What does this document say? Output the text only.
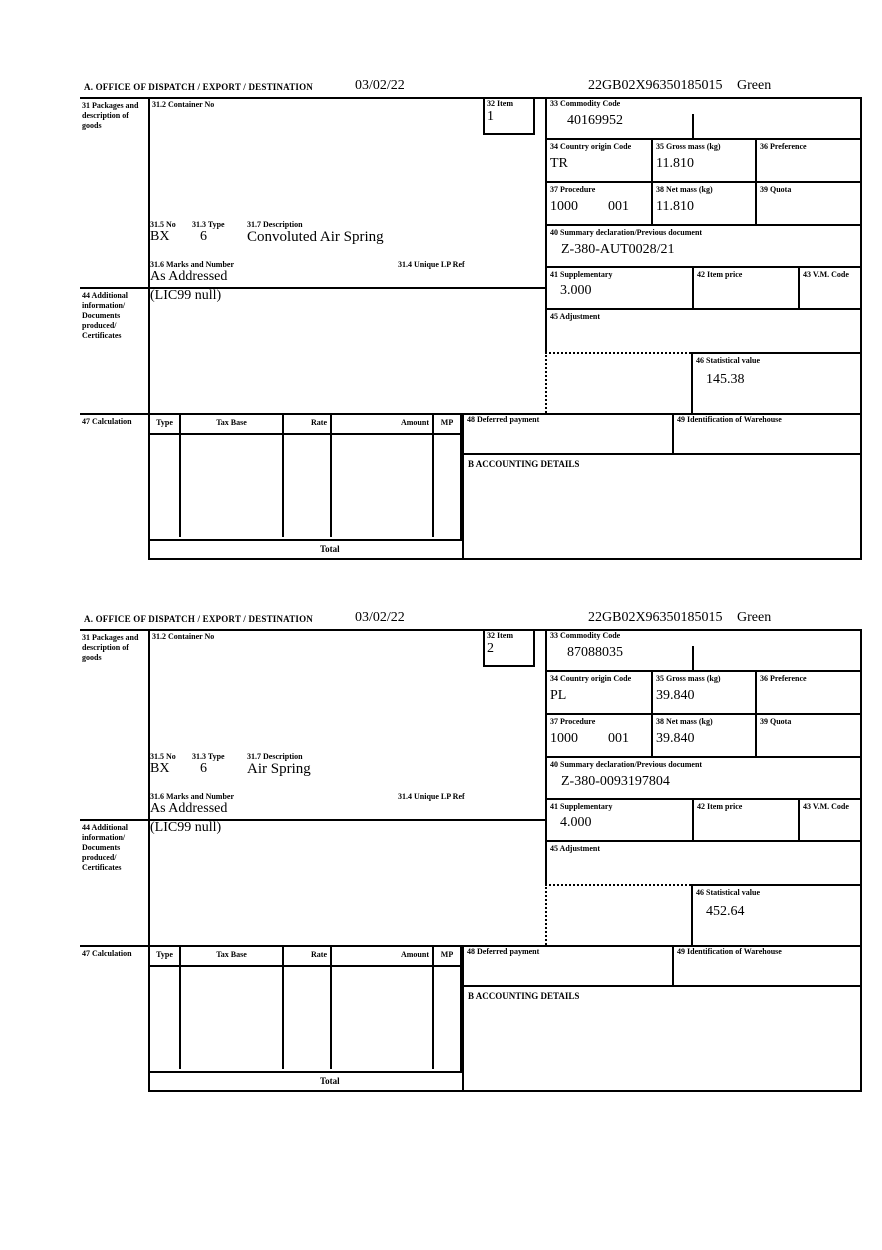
A. OFFICE OF DISPATCH / EXPORT / DESTINATION	03/02/22	22GB02X96350185015 Green
31 Packages and description of goods
44 Additional information/ Documents produced/ Certificates
47 Calculation
31.2 Container No	32 Item
1
31.5 No 31.3 Type	31.7 Description
BX 6	Convoluted Air Spring
31.6 Marks and Number	31.4 Unique LP Ref
As Addressed
(LIC99 null)
33 Commodity Code
40169952
34 Country origin Code
TR
35 Gross mass (kg)
11.810
36 Preference
37 Procedure
1000 001
38 Net mass (kg)
11.810
39 Quota
40 Summary declaration/Previous document
Z-380-AUT0028/21
41 Supplementary
3.000
42 Item price	43 V.M. Code
45 Adjustment
46 Statistical value
145.38
Type	Tax Base	Rate	Amount	MP	48 Deferred payment	49 Identification of Warehouse
B ACCOUNTING DETAILS
Total
A. OFFICE OF DISPATCH / EXPORT / DESTINATION	03/02/22	22GB02X96350185015 Green
31 Packages and description of goods
44 Additional information/ Documents produced/ Certificates
47 Calculation
31.2 Container No	32 Item
2
31.5 No 31.3 Type	31.7 Description
BX 6	Air Spring
31.6 Marks and Number	31.4 Unique LP Ref
As Addressed
(LIC99 null)
33 Commodity Code
87088035
34 Country origin Code
PL
35 Gross mass (kg)
39.840
36 Preference
37 Procedure
1000 001
38 Net mass (kg)
39.840
39 Quota
40 Summary declaration/Previous document
Z-380-0093197804
41 Supplementary
4.000
42 Item price	43 V.M. Code
45 Adjustment
46 Statistical value
452.64
Type	Tax Base	Rate	Amount	MP	48 Deferred payment	49 Identification of Warehouse
B ACCOUNTING DETAILS
Total
